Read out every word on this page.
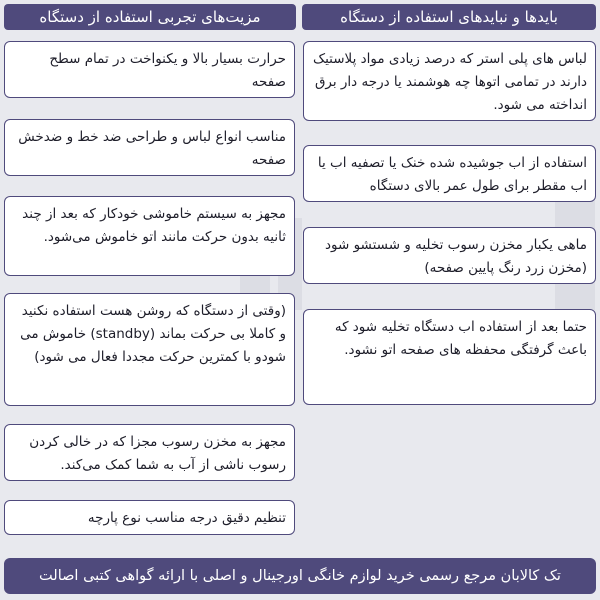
بایدها و نبایدهای استفاده از دستگاه
مزیت‌های تجربی استفاده از دستگاه
لباس های پلی استر که درصد زیادی مواد پلاستیک دارند در تمامی اتوها چه هوشمند یا درجه دار برق انداخته می شود.
استفاده از اب جوشیده شده خنک یا تصفیه اب یا اب مقطر برای طول عمر بالای دستگاه
ماهی یکبار مخزن رسوب تخلیه و شستشو شود (مخزن زرد رنگ پایین صفحه)
حتما بعد از استفاده اب دستگاه تخلیه شود که باعث گرفتگی محفظه های صفحه اتو نشود.
حرارت بسیار بالا و یکنواخت در تمام سطح صفحه
مناسب انواع لباس و طراحی ضد خط و ضدخش صفحه
مجهز به سیستم خاموشی خودکار که بعد از چند ثانیه بدون حرکت مانند اتو خاموش می‌شود.
(وقتی از دستگاه که روشن هست استفاده نکنید و کاملا بی حرکت بماند (standby) خاموش می شودو با کمترین حرکت مجددا فعال می شود)
مجهز به مخزن رسوب مجزا که در خالی کردن رسوب ناشی از آب به شما کمک می‌کند.
تنظیم دقیق درجه مناسب نوع پارچه
تک کالابان مرجع رسمی خرید لوازم خانگی اورجینال و اصلی با ارائه گواهی کتبی اصالت
